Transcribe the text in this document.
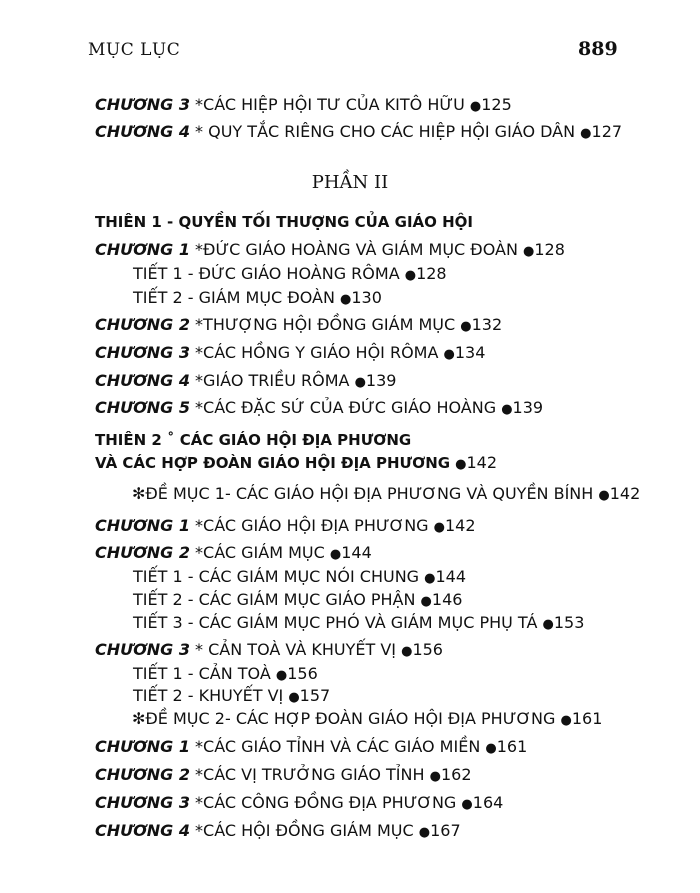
MỤC LỤC	889
PHẦN II
CHƯƠNG 3 *CÁC HIỆP HỘI TƯ CỦA KITÔ HỮU ●125
CHƯƠNG 4 * QUY TẮC RIÊNG CHO CÁC HIỆP HỘI GIÁO DÂN ●127
THIÊN 1 - QUYỀN TỐI THƯỢNG CỦA GIÁO HỘI
CHƯƠNG 1 *ĐỨC GIÁO HOÀNG VÀ GIÁM MỤC ĐOÀN ●128
TIẾT 1 - ĐỨC GIÁO HOÀNG RÔMA ●128
TIẾT 2 - GIÁM MỤC ĐOÀN ●130
CHƯƠNG 2 *THƯỢNG HỘI ĐỒNG GIÁM MỤC ●132
CHƯƠNG 3 *CÁC HỒNG Y GIÁO HỘI RÔMA ●134
CHƯƠNG 4 *GIÁO TRIỀU RÔMA ●139
CHƯƠNG 5 *CÁC ĐẶC SỨ CỦA ĐỨC GIÁO HOÀNG ●139
THIÊN 2 ˚ CÁC GIÁO HỘI ĐỊA PHƯƠNG
VÀ CÁC HỢP ĐOÀN GIÁO HỘI ĐỊA PHƯƠNG ●142
✻ĐỀ MỤC 1- CÁC GIÁO HỘI ĐỊA PHƯƠNG VÀ QUYỀN BÍNH ●142
CHƯƠNG 1 *CÁC GIÁO HỘI ĐỊA PHƯƠNG ●142
CHƯƠNG 2 *CÁC GIÁM MỤC ●144
TIẾT 1 - CÁC GIÁM MỤC NÓI CHUNG ●144
TIẾT 2 - CÁC GIÁM MỤC GIÁO PHẬN ●146
TIẾT 3 - CÁC GIÁM MỤC PHÓ VÀ GIÁM MỤC PHỤ TÁ ●153
CHƯƠNG 3 * CẢN TOÀ VÀ KHUYẾT VỊ ●156
TIẾT 1 - CẢN TOÀ ●156
TIẾT 2 - KHUYẾT VỊ ●157
✻ĐỀ MỤC 2- CÁC HỢP ĐOÀN GIÁO HỘI ĐỊA PHƯƠNG ●161
CHƯƠNG 1 *CÁC GIÁO TỈNH VÀ CÁC GIÁO MIỀN ●161
CHƯƠNG 2 *CÁC VỊ TRƯỞNG GIÁO TỈNH ●162
CHƯƠNG 3 *CÁC CÔNG ĐỒNG ĐỊA PHƯƠNG ●164
CHƯƠNG 4 *CÁC HỘI ĐỒNG GIÁM MỤC ●167
